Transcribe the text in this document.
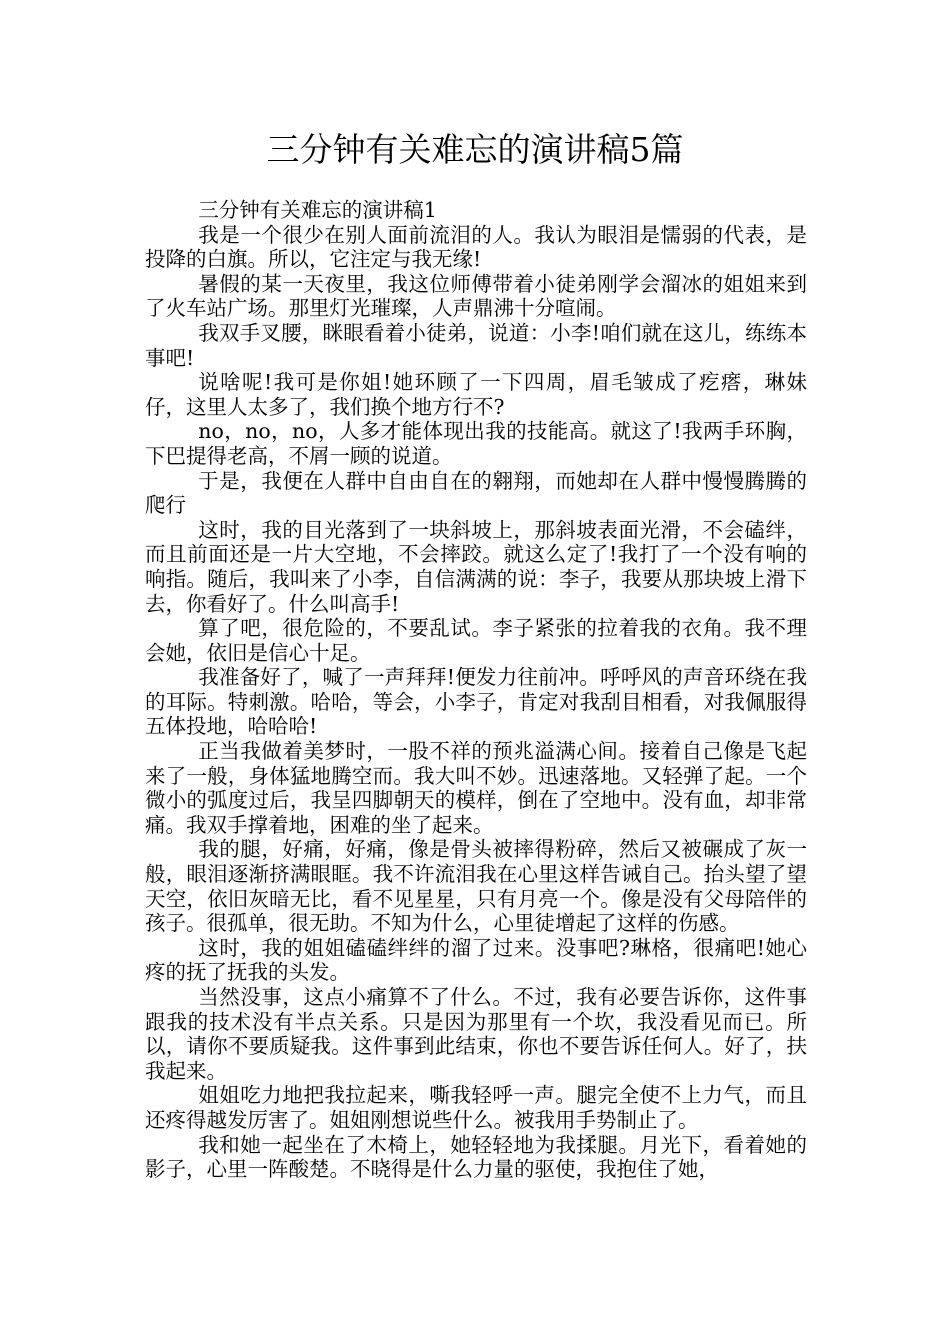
三分钟有关难忘的演讲稿5篇

三分钟有关难忘的演讲稿1

我是一个很少在别人面前流泪的人。我认为眼泪是懦弱的代表，是投降的白旗。所以，它注定与我无缘!

暑假的某一天夜里，我这位师傅带着小徒弟刚学会溜冰的姐姐来到了火车站广场。那里灯光璀璨，人声鼎沸十分喧闹。

我双手叉腰，眯眼看着小徒弟，说道：小李!咱们就在这儿，练练本事吧!

说啥呢!我可是你姐!她环顾了一下四周，眉毛皱成了疙瘩，琳妹仔，这里人太多了，我们换个地方行不?

no，no，no，人多才能体现出我的技能高。就这了!我两手环胸，下巴提得老高，不屑一顾的说道。

于是，我便在人群中自由自在的翱翔，而她却在人群中慢慢腾腾的爬行

这时，我的目光落到了一块斜坡上，那斜坡表面光滑，不会磕绊，而且前面还是一片大空地，不会摔跤。就这么定了!我打了一个没有响的响指。随后，我叫来了小李，自信满满的说：李子，我要从那块坡上滑下去，你看好了。什么叫高手!

算了吧，很危险的，不要乱试。李子紧张的拉着我的衣角。我不理会她，依旧是信心十足。

我准备好了，喊了一声拜拜!便发力往前冲。呼呼风的声音环绕在我的耳际。特刺激。哈哈，等会，小李子，肯定对我刮目相看，对我佩服得五体投地，哈哈哈!

正当我做着美梦时，一股不祥的预兆溢满心间。接着自己像是飞起来了一般，身体猛地腾空而。我大叫不妙。迅速落地。又轻弹了起。一个微小的弧度过后，我呈四脚朝天的模样，倒在了空地中。没有血，却非常痛。我双手撑着地，困难的坐了起来。

我的腿，好痛，好痛，像是骨头被摔得粉碎，然后又被碾成了灰一般，眼泪逐渐挤满眼眶。我不许流泪我在心里这样告诫自己。抬头望了望天空，依旧灰暗无比，看不见星星，只有月亮一个。像是没有父母陪伴的孩子。很孤单，很无助。不知为什么，心里徒增起了这样的伤感。

这时，我的姐姐磕磕绊绊的溜了过来。没事吧?琳格，很痛吧!她心疼的抚了抚我的头发。

当然没事，这点小痛算不了什么。不过，我有必要告诉你，这件事跟我的技术没有半点关系。只是因为那里有一个坎，我没看见而已。所以，请你不要质疑我。这件事到此结束，你也不要告诉任何人。好了，扶我起来。

姐姐吃力地把我拉起来，嘶我轻呼一声。腿完全使不上力气，而且还疼得越发厉害了。姐姐刚想说些什么。被我用手势制止了。

我和她一起坐在了木椅上，她轻轻地为我揉腿。月光下，看着她的影子，心里一阵酸楚。不晓得是什么力量的驱使，我抱住了她，
